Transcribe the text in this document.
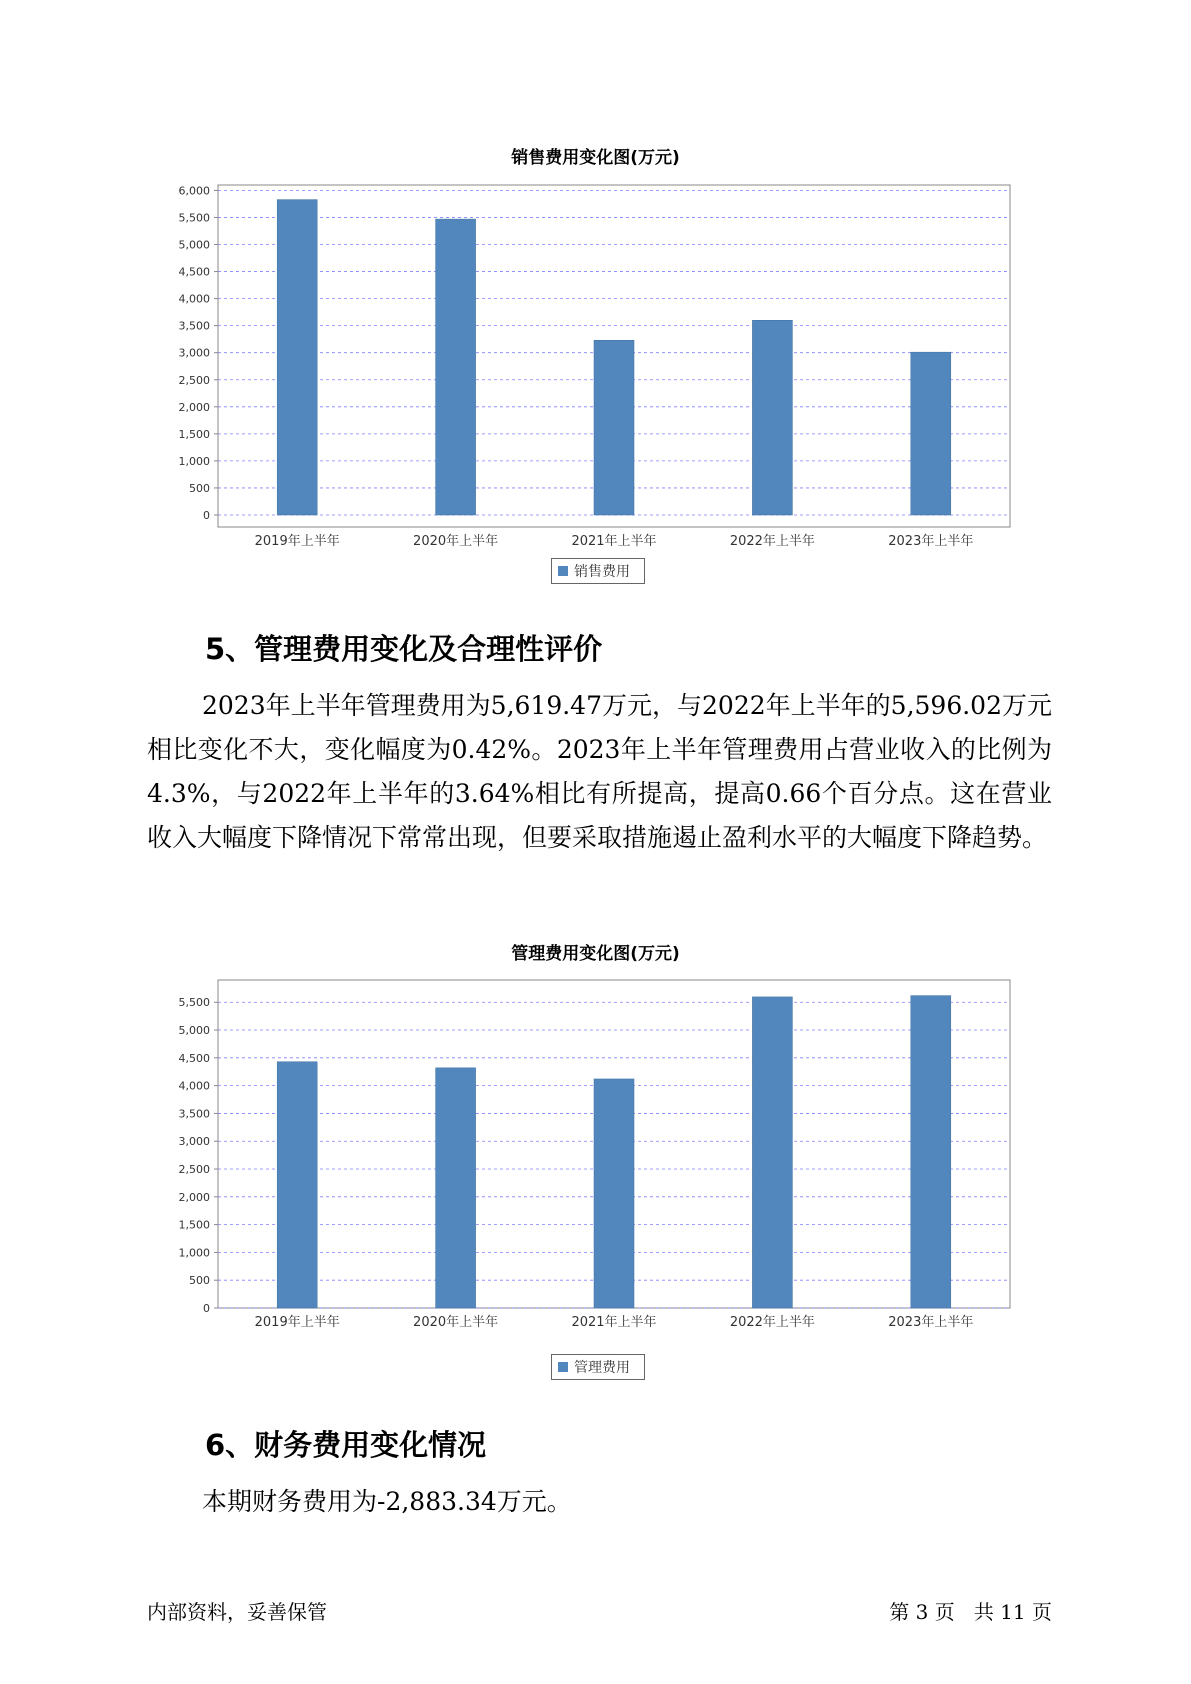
销售费用变化图(万元)
0
500
1,000
1,500
2,000
2,500
3,000
3,500
4,000
4,500
5,000
5,500
6,000
2019年上半年	2020年上半年	2021年上半年	2022年上半年	2023年上半年
销售费用
5、管理费用变化及合理性评价

2023年上半年管理费用为5,619.47万元，与2022年上半年的5,596.02万元相比变化不大，变化幅度为0.42%。2023年上半年管理费用占营业收入的比例为4.3%，与2022年上半年的3.64%相比有所提高，提高0.66个百分点。这在营业收入大幅度下降情况下常常出现，但要采取措施遏止盈利水平的大幅度下降趋势。

管理费用变化图(万元)
0
500
1,000
1,500
2,000
2,500
3,000
3,500
4,000
4,500
5,000
5,500
2019年上半年	2020年上半年	2021年上半年	2022年上半年	2023年上半年
管理费用
6、财务费用变化情况

本期财务费用为-2,883.34万元。

内部资料，妥善保管	第 3 页   共 11 页
